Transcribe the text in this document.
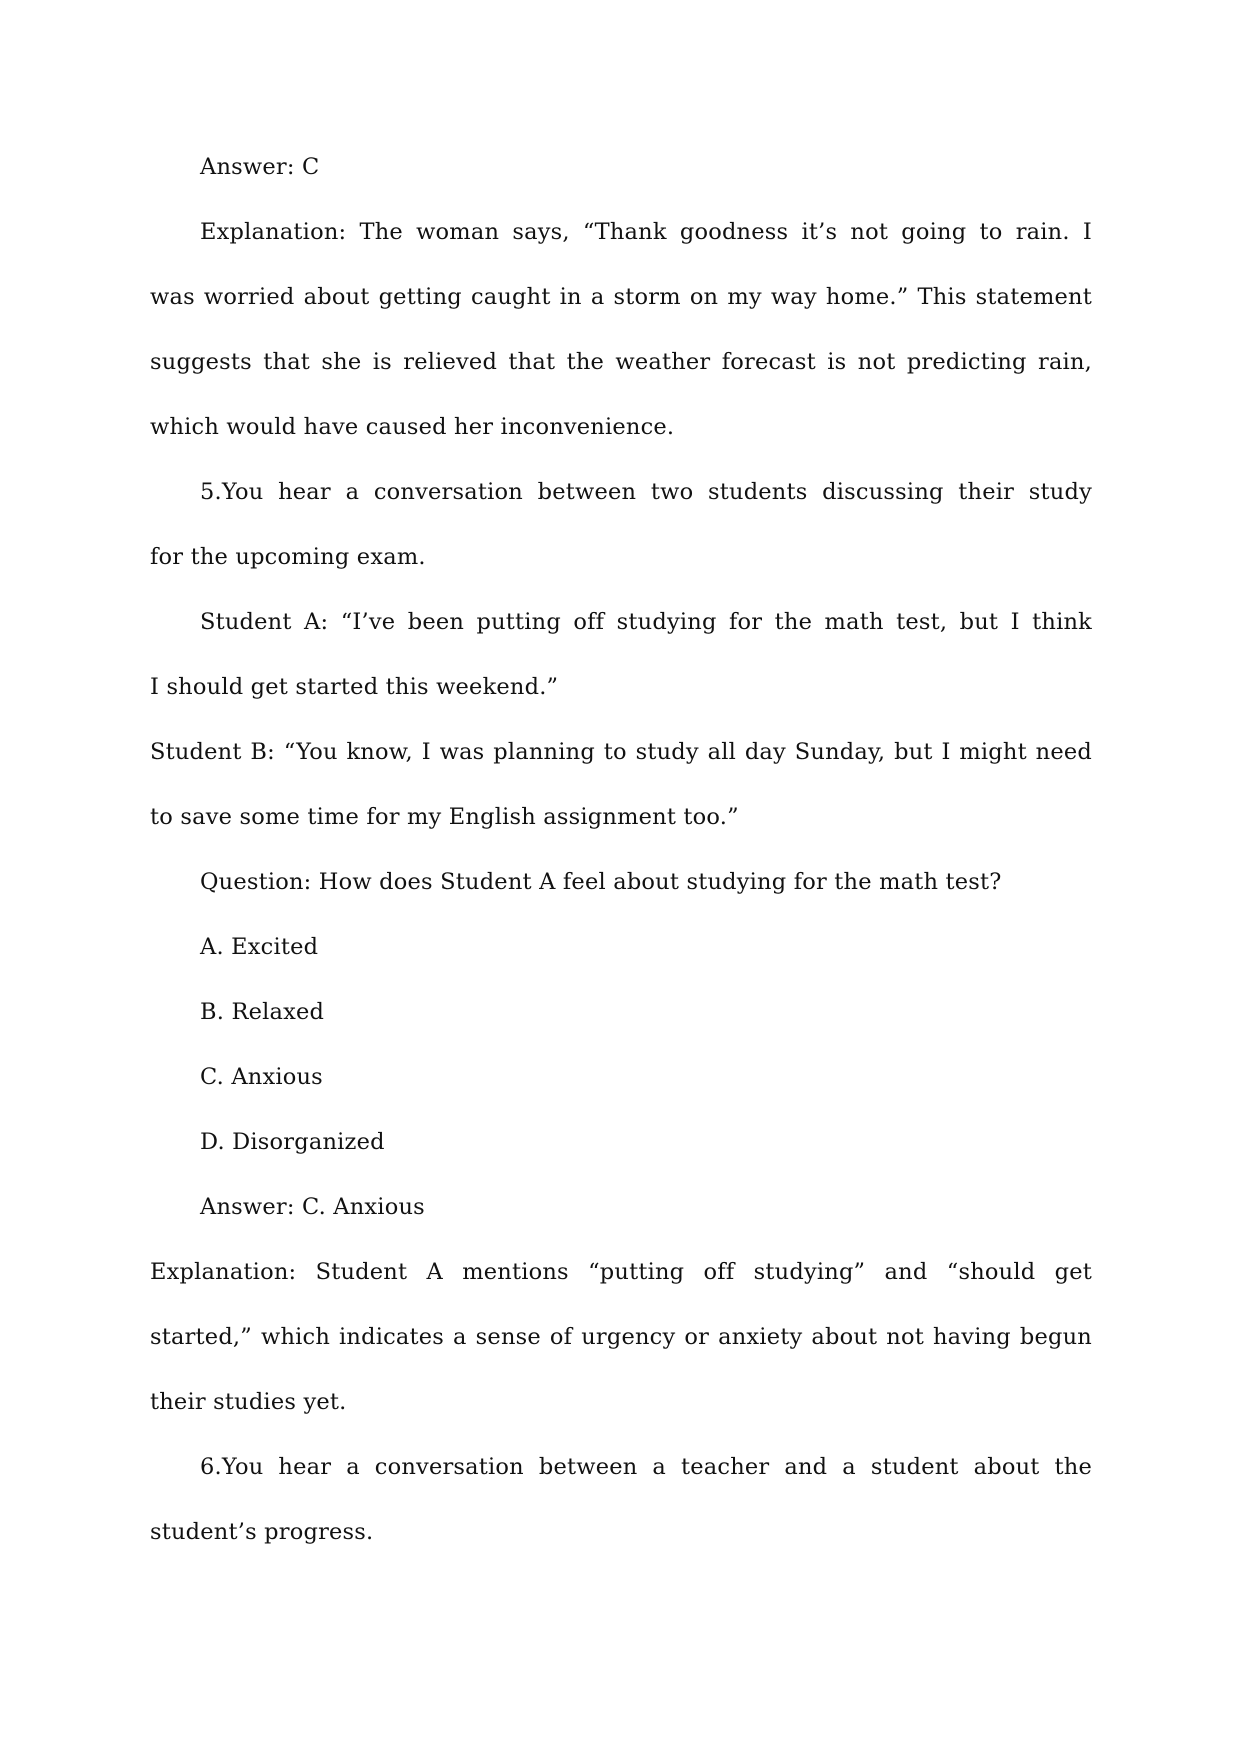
Answer: C
Explanation: The woman says, “Thank goodness it’s not going to rain. I
was worried about getting caught in a storm on my way home.” This statement
suggests that she is relieved that the weather forecast is not predicting rain,
which would have caused her inconvenience.
5.You hear a conversation between two students discussing their study
for the upcoming exam.
Student A: “I’ve been putting off studying for the math test, but I think
I should get started this weekend.”
Student B: “You know, I was planning to study all day Sunday, but I might need
to save some time for my English assignment too.”
Question: How does Student A feel about studying for the math test?
A. Excited
B. Relaxed
C. Anxious
D. Disorganized
Answer: C. Anxious
Explanation: Student A mentions “putting off studying” and “should get
started,” which indicates a sense of urgency or anxiety about not having begun
their studies yet.
6.You hear a conversation between a teacher and a student about the
student’s progress.
